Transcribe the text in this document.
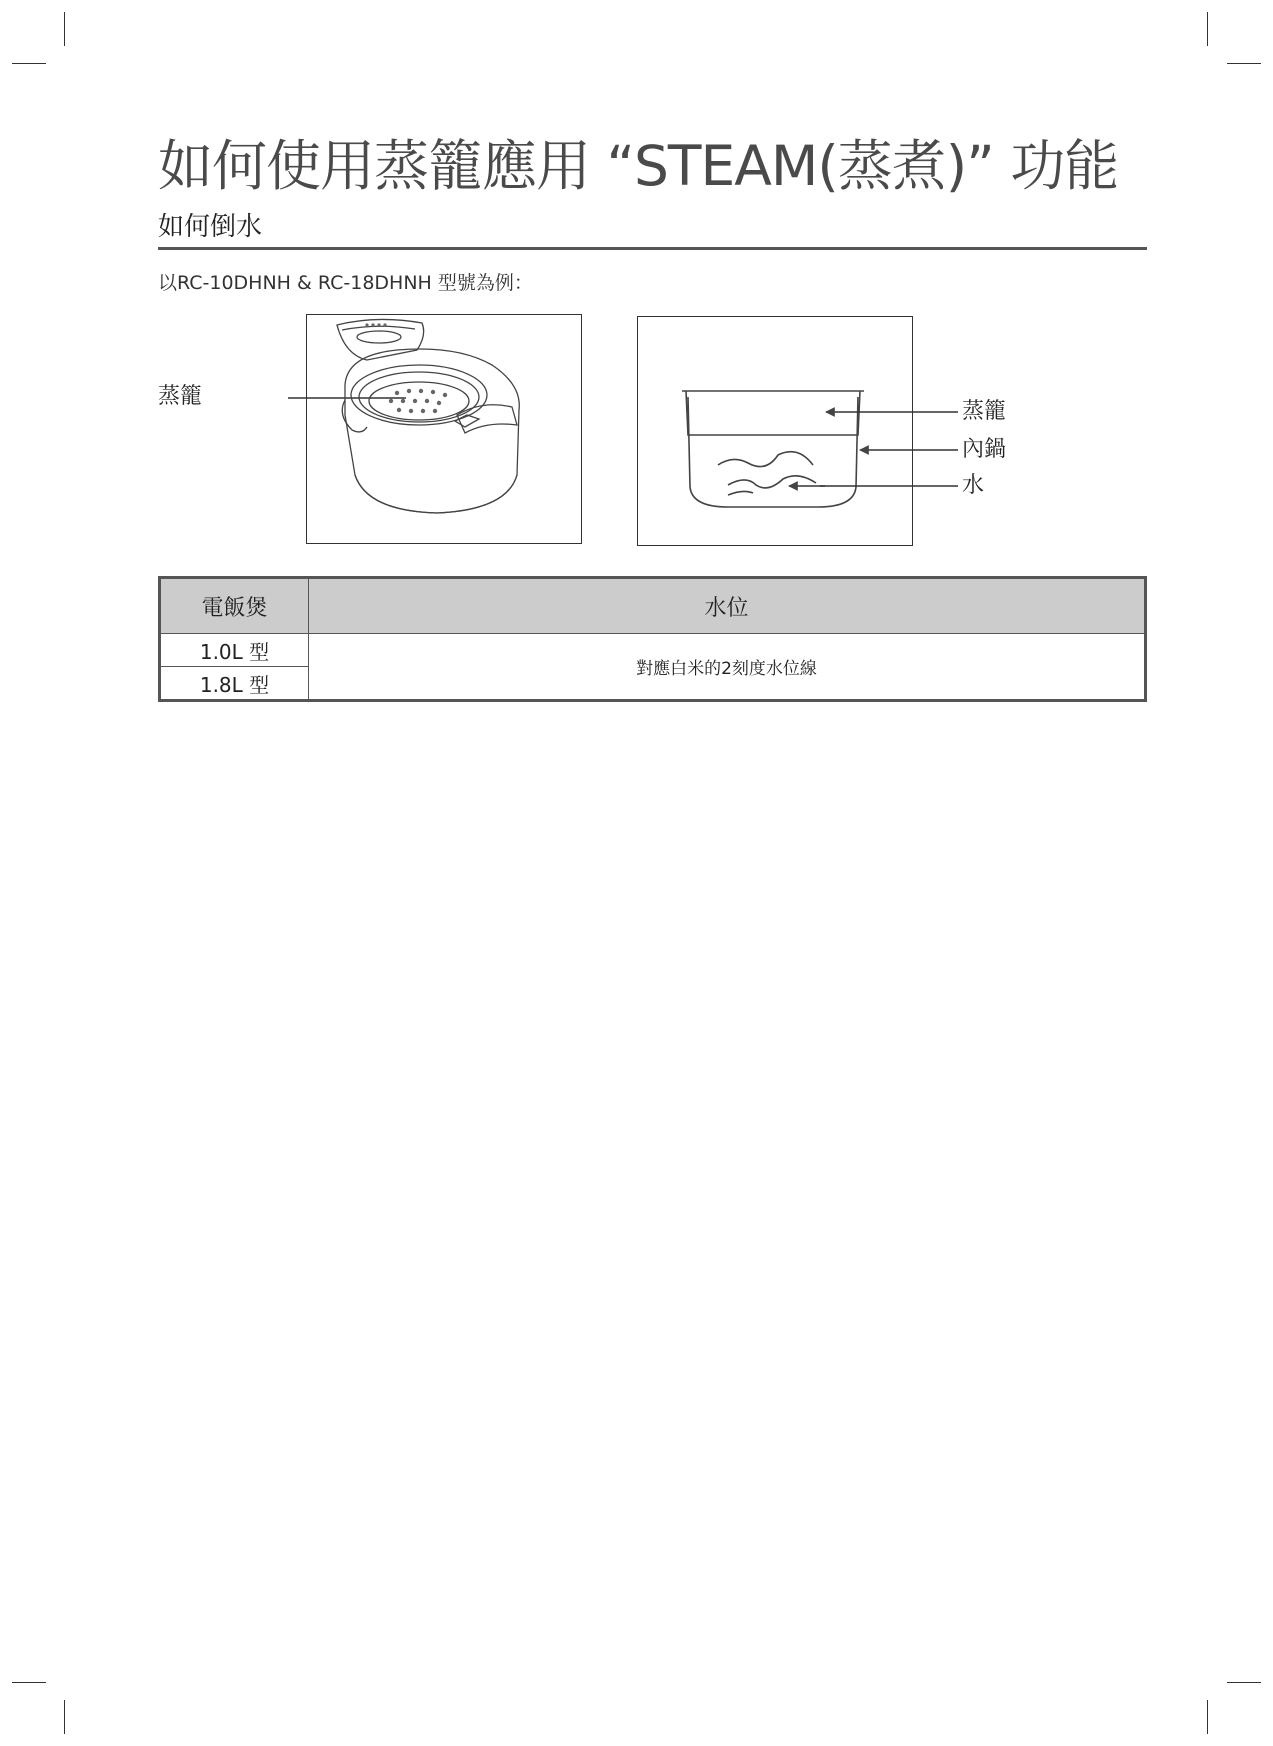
如何使用蒸籠應用 “STEAM(蒸煮)” 功能
如何倒水
以RC-10DHNH & RC-18DHNH 型號為例：
蒸籠
蒸籠
內鍋
水
電飯煲	水位
1.0L 型	對應白米的2刻度水位線
1.8L 型	
